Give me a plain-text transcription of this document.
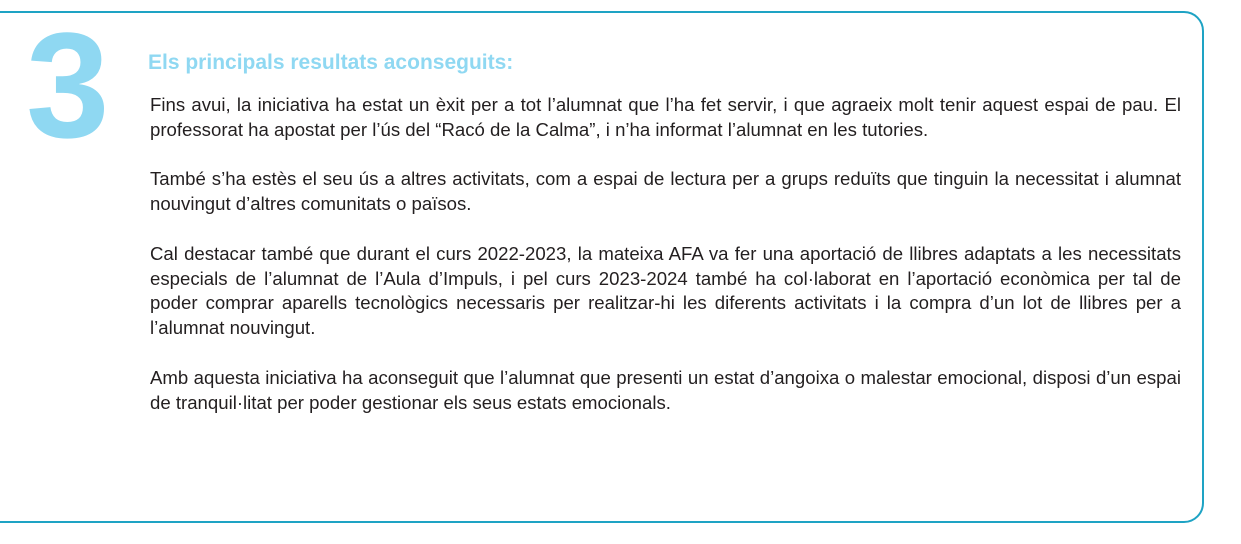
3 Els principals resultats aconseguits:

Fins avui, la iniciativa ha estat un èxit per a tot l’alumnat que l’ha fet servir, i que agraeix molt tenir aquest espai de pau. El professorat ha apostat per l’ús del “Racó de la Calma”, i n’ha informat l’alumnat en les tutories.

També s’ha estès el seu ús a altres activitats, com a espai de lectura per a grups reduïts que tinguin la necessitat i alumnat nouvingut d’altres comunitats o països.

Cal destacar també que durant el curs 2022-2023, la mateixa AFA va fer una aportació de llibres adaptats a les necessitats especials de l’alumnat de l’Aula d’Impuls, i pel curs 2023-2024 també ha col·laborat en l’aportació econòmica per tal de poder comprar aparells tecnològics necessaris per realitzar-hi les diferents activitats i la compra d’un lot de llibres per a l’alumnat nouvingut.

Amb aquesta iniciativa ha aconseguit que l’alumnat que presenti un estat d’angoixa o malestar emocional, disposi d’un espai de tranquil·litat per poder gestionar els seus estats emocionals.
